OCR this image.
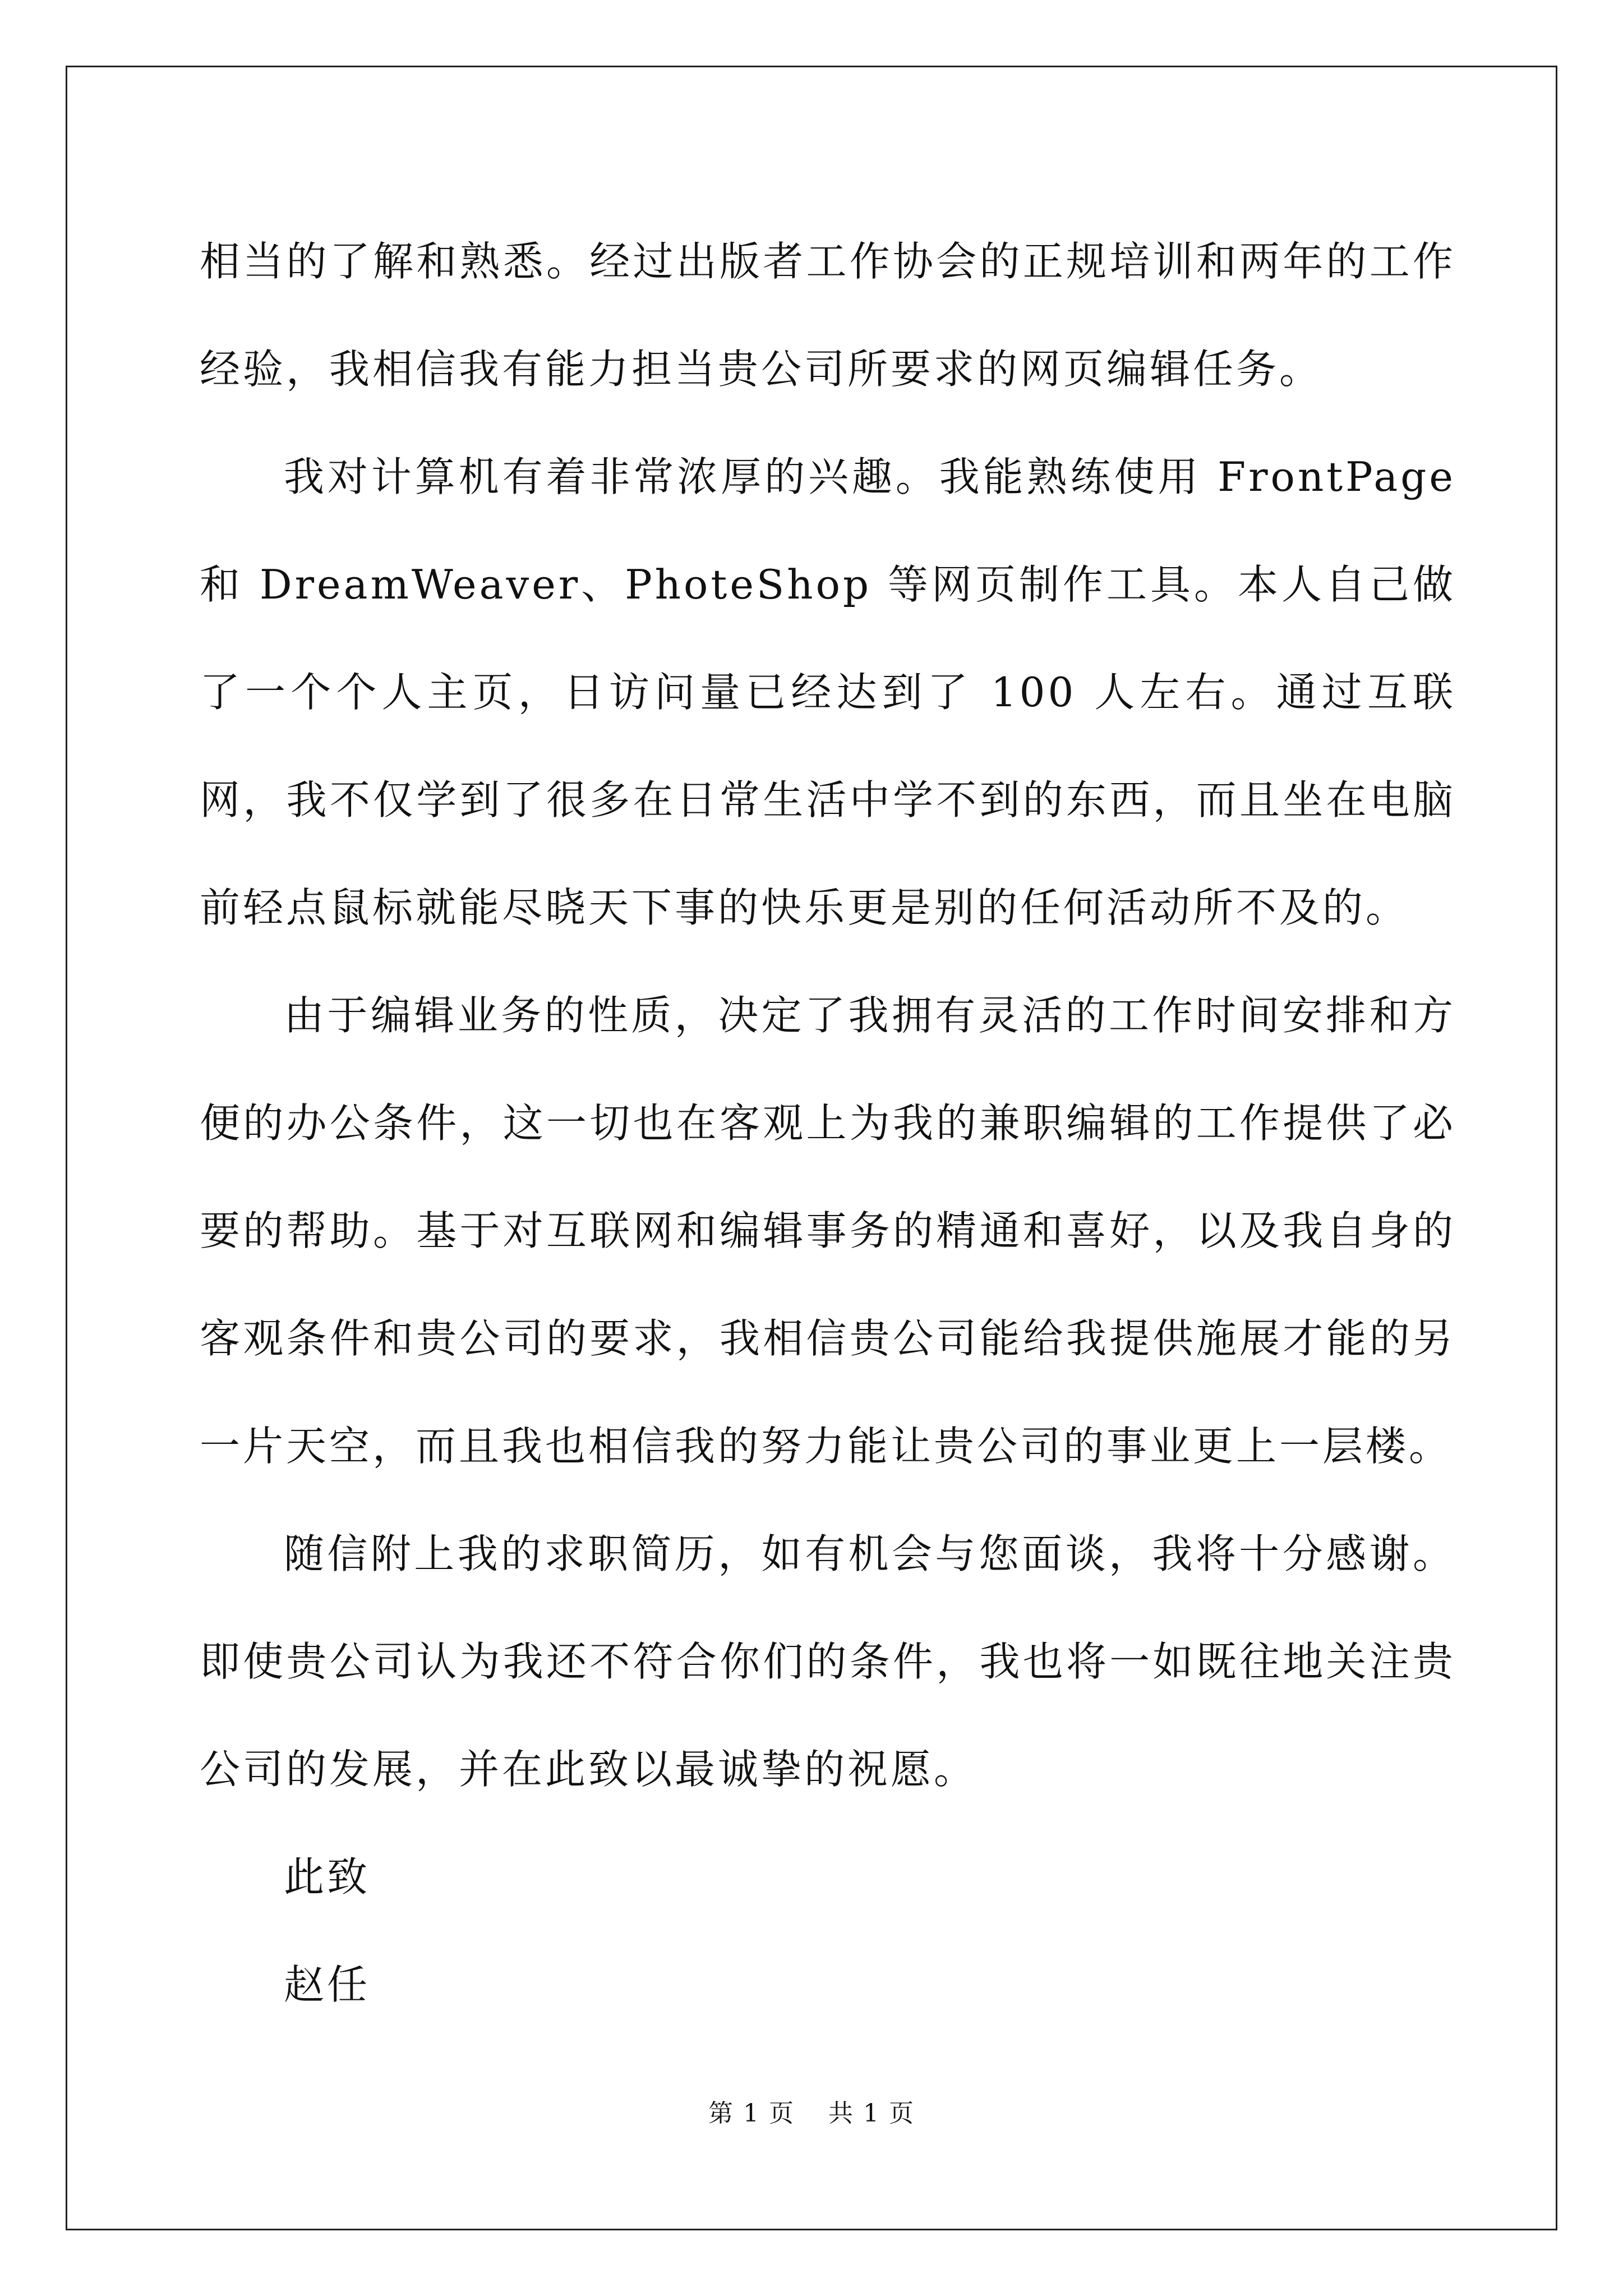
相当的了解和熟悉。经过出版者工作协会的正规培训和两年的工作经验，我相信我有能力担当贵公司所要求的网页编辑任务。

我对计算机有着非常浓厚的兴趣。我能熟练使用 FrontPage 和 DreamWeaver、PhoteShop 等网页制作工具。本人自己做了一个个人主页，日访问量已经达到了 100 人左右。通过互联网，我不仅学到了很多在日常生活中学不到的东西，而且坐在电脑前轻点鼠标就能尽晓天下事的快乐更是别的任何活动所不及的。

由于编辑业务的性质，决定了我拥有灵活的工作时间安排和方便的办公条件，这一切也在客观上为我的兼职编辑的工作提供了必要的帮助。基于对互联网和编辑事务的精通和喜好，以及我自身的客观条件和贵公司的要求，我相信贵公司能给我提供施展才能的另一片天空，而且我也相信我的努力能让贵公司的事业更上一层楼。

随信附上我的求职简历，如有机会与您面谈，我将十分感谢。即使贵公司认为我还不符合你们的条件，我也将一如既往地关注贵公司的发展，并在此致以最诚挚的祝愿。

此致

赵任

第 1 页 共 1 页
